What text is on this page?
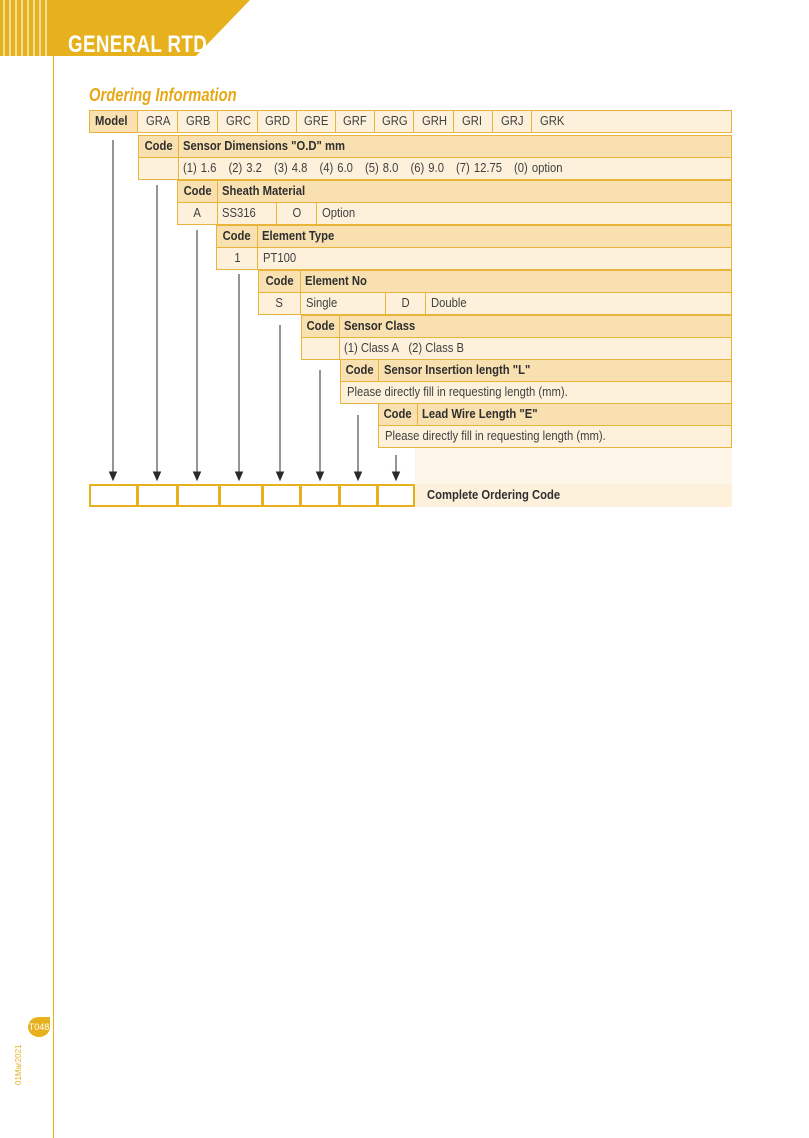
GENERAL RTD
Ordering Information
Model GRA GRB GRC GRD GRE GRF GRG GRH GRI GRJ GRK
Code Sensor Dimensions "O.D" mm
(1) 1.6 (2) 3.2 (3) 4.8 (4) 6.0 (5) 8.0 (6) 9.0 (7) 12.75 (0) option
Code Sheath Material
A SS316	O Option
Code Element Type
1 PT100
Code Element No
S Single	D Double
Code Sensor Class
(1) Class A (2) Class B
Code Sensor Insertion length "L"
Please directly fill in requesting length (mm).
Code Lead Wire Length "E"
Please directly fill in requesting length (mm).
Complete Ordering Code
T048
01Mar2021
